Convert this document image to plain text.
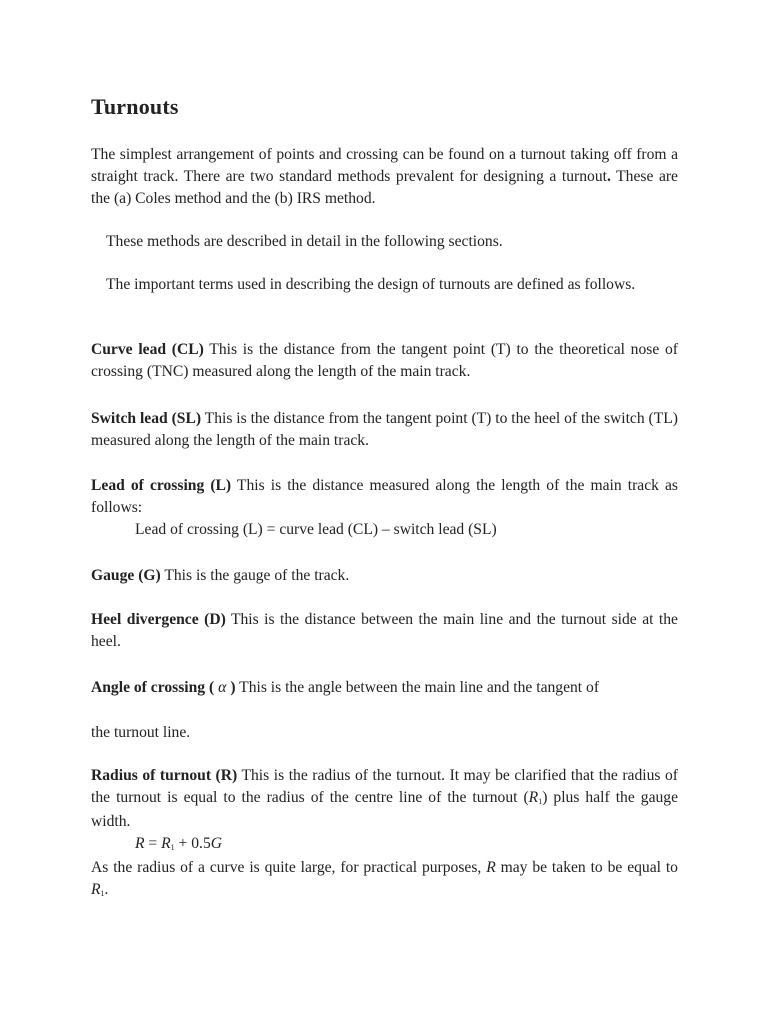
Turnouts

The simplest arrangement of points and crossing can be found on a turnout taking off from a straight track. There are two standard methods prevalent for designing a turnout. These are the (a) Coles method and the (b) IRS method.

These methods are described in detail in the following sections.

The important terms used in describing the design of turnouts are defined as follows.

Curve lead (CL) This is the distance from the tangent point (T) to the theoretical nose of crossing (TNC) measured along the length of the main track.

Switch lead (SL) This is the distance from the tangent point (T) to the heel of the switch (TL) measured along the length of the main track.

Lead of crossing (L) This is the distance measured along the length of the main track as follows:
Lead of crossing (L) = curve lead (CL) – switch lead (SL)

Gauge (G) This is the gauge of the track.

Heel divergence (D) This is the distance between the main line and the turnout side at the heel.

Angle of crossing ( α ) This is the angle between the main line and the tangent of

the turnout line.

Radius of turnout (R) This is the radius of the turnout. It may be clarified that the radius of the turnout is equal to the radius of the centre line of the turnout (R1) plus half the gauge width.
R = R1 + 0.5G
As the radius of a curve is quite large, for practical purposes, R may be taken to be equal to R1.
